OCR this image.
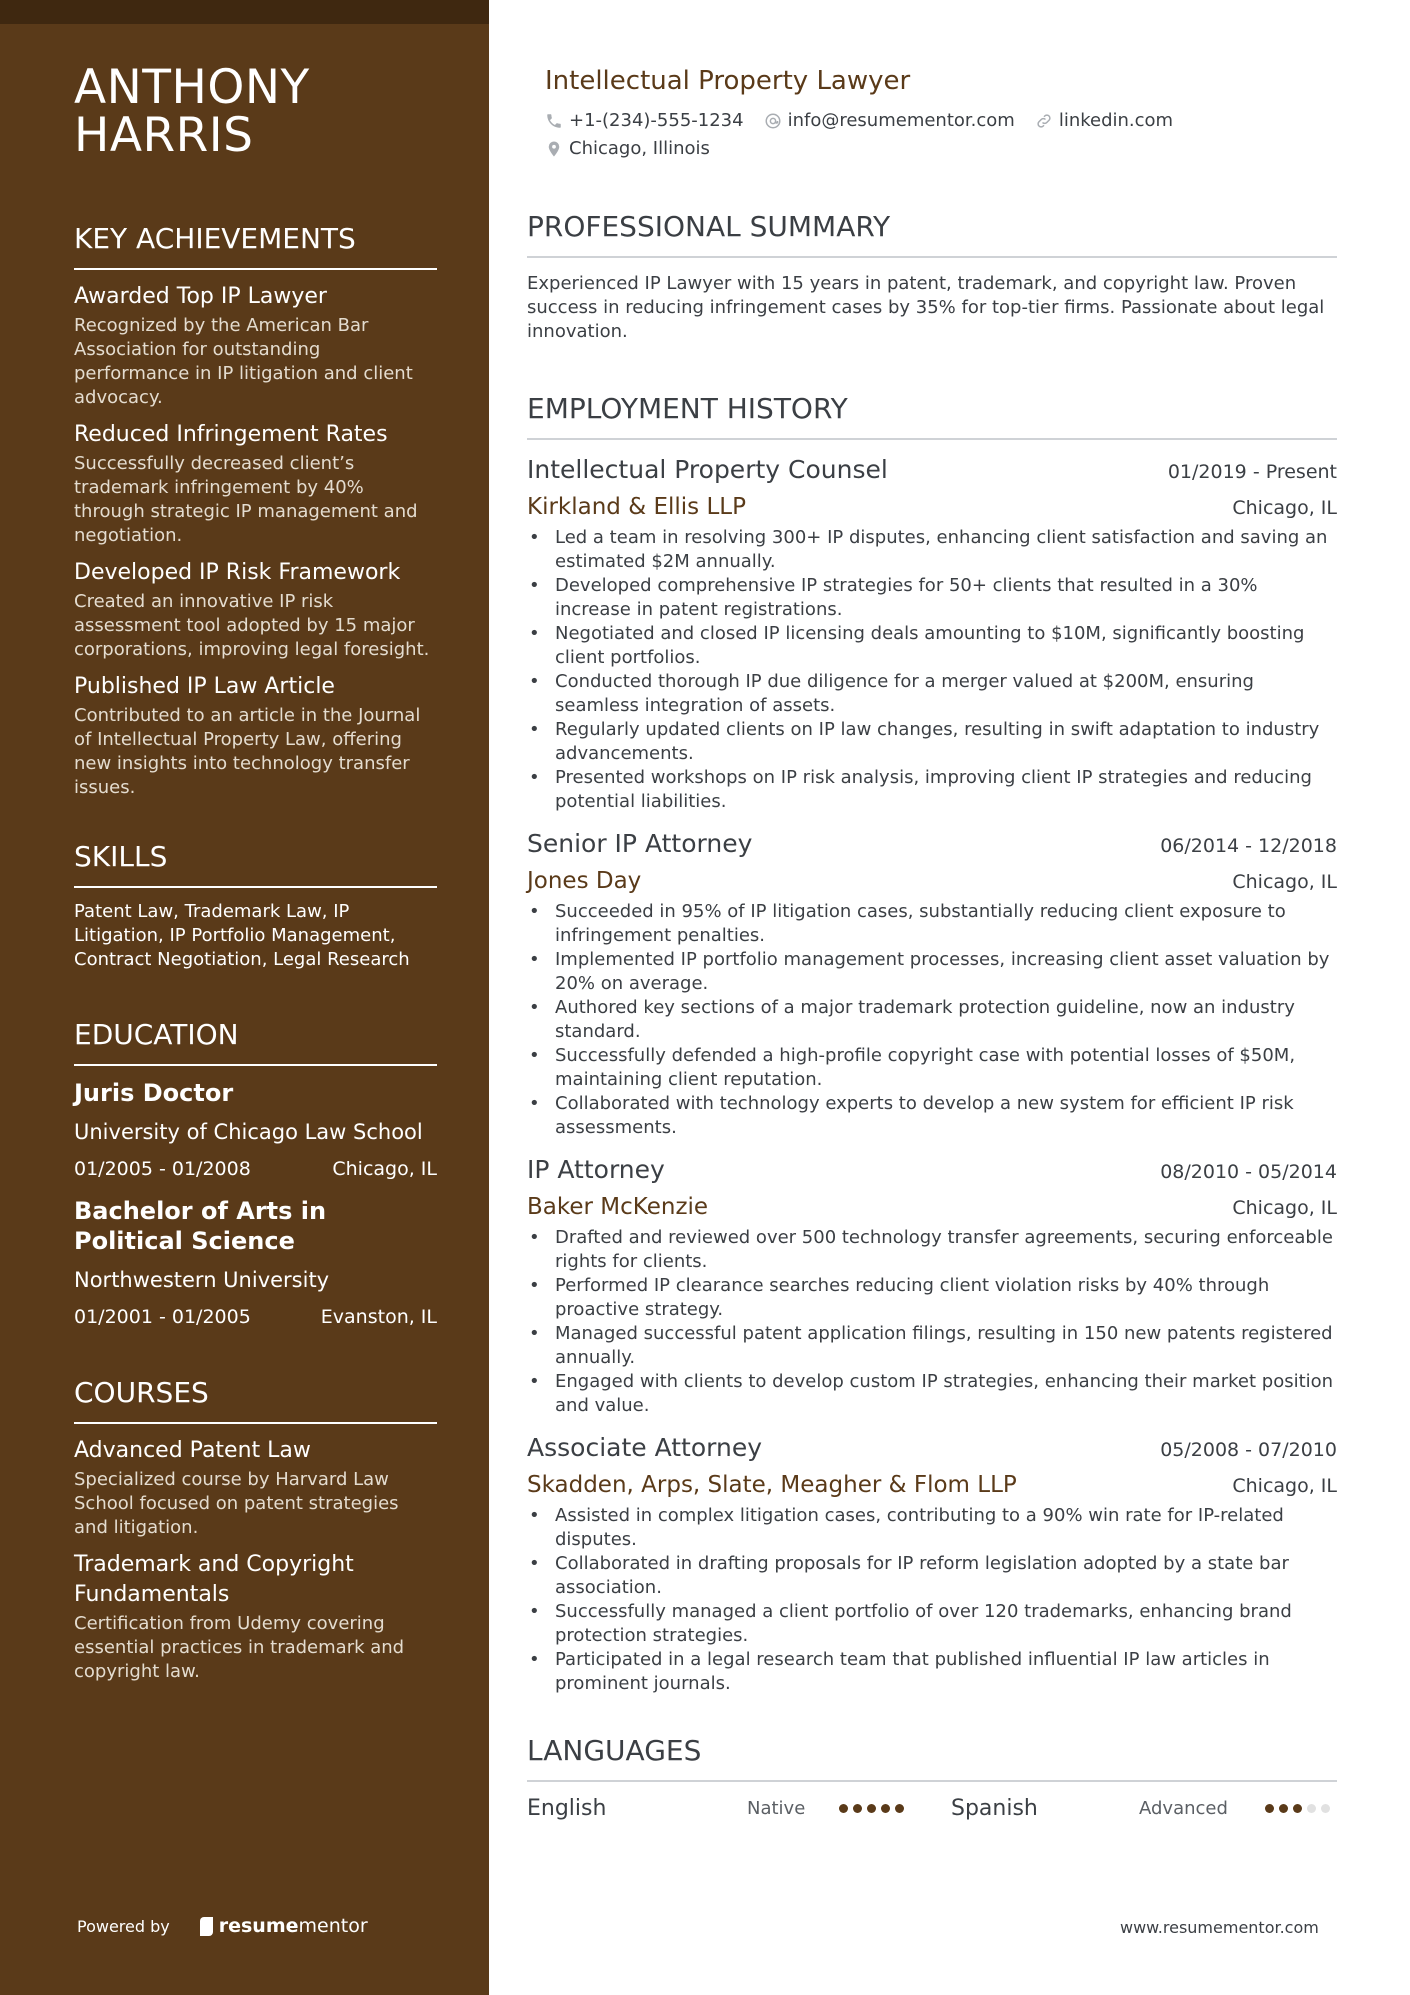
ANTHONY
HARRIS
KEY ACHIEVEMENTS
Awarded Top IP Lawyer
Recognized by the American Bar Association for outstanding performance in IP litigation and client advocacy.
Reduced Infringement Rates
Successfully decreased client’s trademark infringement by 40% through strategic IP management and negotiation.
Developed IP Risk Framework
Created an innovative IP risk assessment tool adopted by 15 major corporations, improving legal foresight.
Published IP Law Article
Contributed to an article in the Journal of Intellectual Property Law, offering new insights into technology transfer issues.
SKILLS
Patent Law, Trademark Law, IP Litigation, IP Portfolio Management, Contract Negotiation, Legal Research
EDUCATION
Juris Doctor
University of Chicago Law School
01/2005 - 01/2008	Chicago, IL
Bachelor of Arts in Political Science
Northwestern University
01/2001 - 01/2005	Evanston, IL
COURSES
Advanced Patent Law
Specialized course by Harvard Law School focused on patent strategies and litigation.
Trademark and Copyright Fundamentals
Certification from Udemy covering essential practices in trademark and copyright law.
Powered by	resume mentor
Intellectual Property Lawyer
+1-(234)-555-1234 info@resumementor.com linkedin.com
Chicago, Illinois
PROFESSIONAL SUMMARY
Experienced IP Lawyer with 15 years in patent, trademark, and copyright law. Proven success in reducing infringement cases by 35% for top-tier firms. Passionate about legal innovation.
EMPLOYMENT HISTORY
Intellectual Property Counsel	01/2019 - Present
Kirkland & Ellis LLP	Chicago, IL
• Led a team in resolving 300+ IP disputes, enhancing client satisfaction and saving an estimated $2M annually.
• Developed comprehensive IP strategies for 50+ clients that resulted in a 30% increase in patent registrations.
• Negotiated and closed IP licensing deals amounting to $10M, significantly boosting client portfolios.
• Conducted thorough IP due diligence for a merger valued at $200M, ensuring seamless integration of assets.
• Regularly updated clients on IP law changes, resulting in swift adaptation to industry advancements.
• Presented workshops on IP risk analysis, improving client IP strategies and reducing potential liabilities.
Senior IP Attorney	06/2014 - 12/2018
Jones Day	Chicago, IL
• Succeeded in 95% of IP litigation cases, substantially reducing client exposure to infringement penalties.
• Implemented IP portfolio management processes, increasing client asset valuation by 20% on average.
• Authored key sections of a major trademark protection guideline, now an industry standard.
• Successfully defended a high-profile copyright case with potential losses of $50M, maintaining client reputation.
• Collaborated with technology experts to develop a new system for efficient IP risk assessments.
IP Attorney	08/2010 - 05/2014
Baker McKenzie	Chicago, IL
• Drafted and reviewed over 500 technology transfer agreements, securing enforceable rights for clients.
• Performed IP clearance searches reducing client violation risks by 40% through proactive strategy.
• Managed successful patent application filings, resulting in 150 new patents registered annually.
• Engaged with clients to develop custom IP strategies, enhancing their market position and value.
Associate Attorney	05/2008 - 07/2010
Skadden, Arps, Slate, Meagher & Flom LLP	Chicago, IL
• Assisted in complex litigation cases, contributing to a 90% win rate for IP-related disputes.
• Collaborated in drafting proposals for IP reform legislation adopted by a state bar association.
• Successfully managed a client portfolio of over 120 trademarks, enhancing brand protection strategies.
• Participated in a legal research team that published influential IP law articles in prominent journals.
LANGUAGES
English	Native	Spanish	Advanced
www.resumementor.com
